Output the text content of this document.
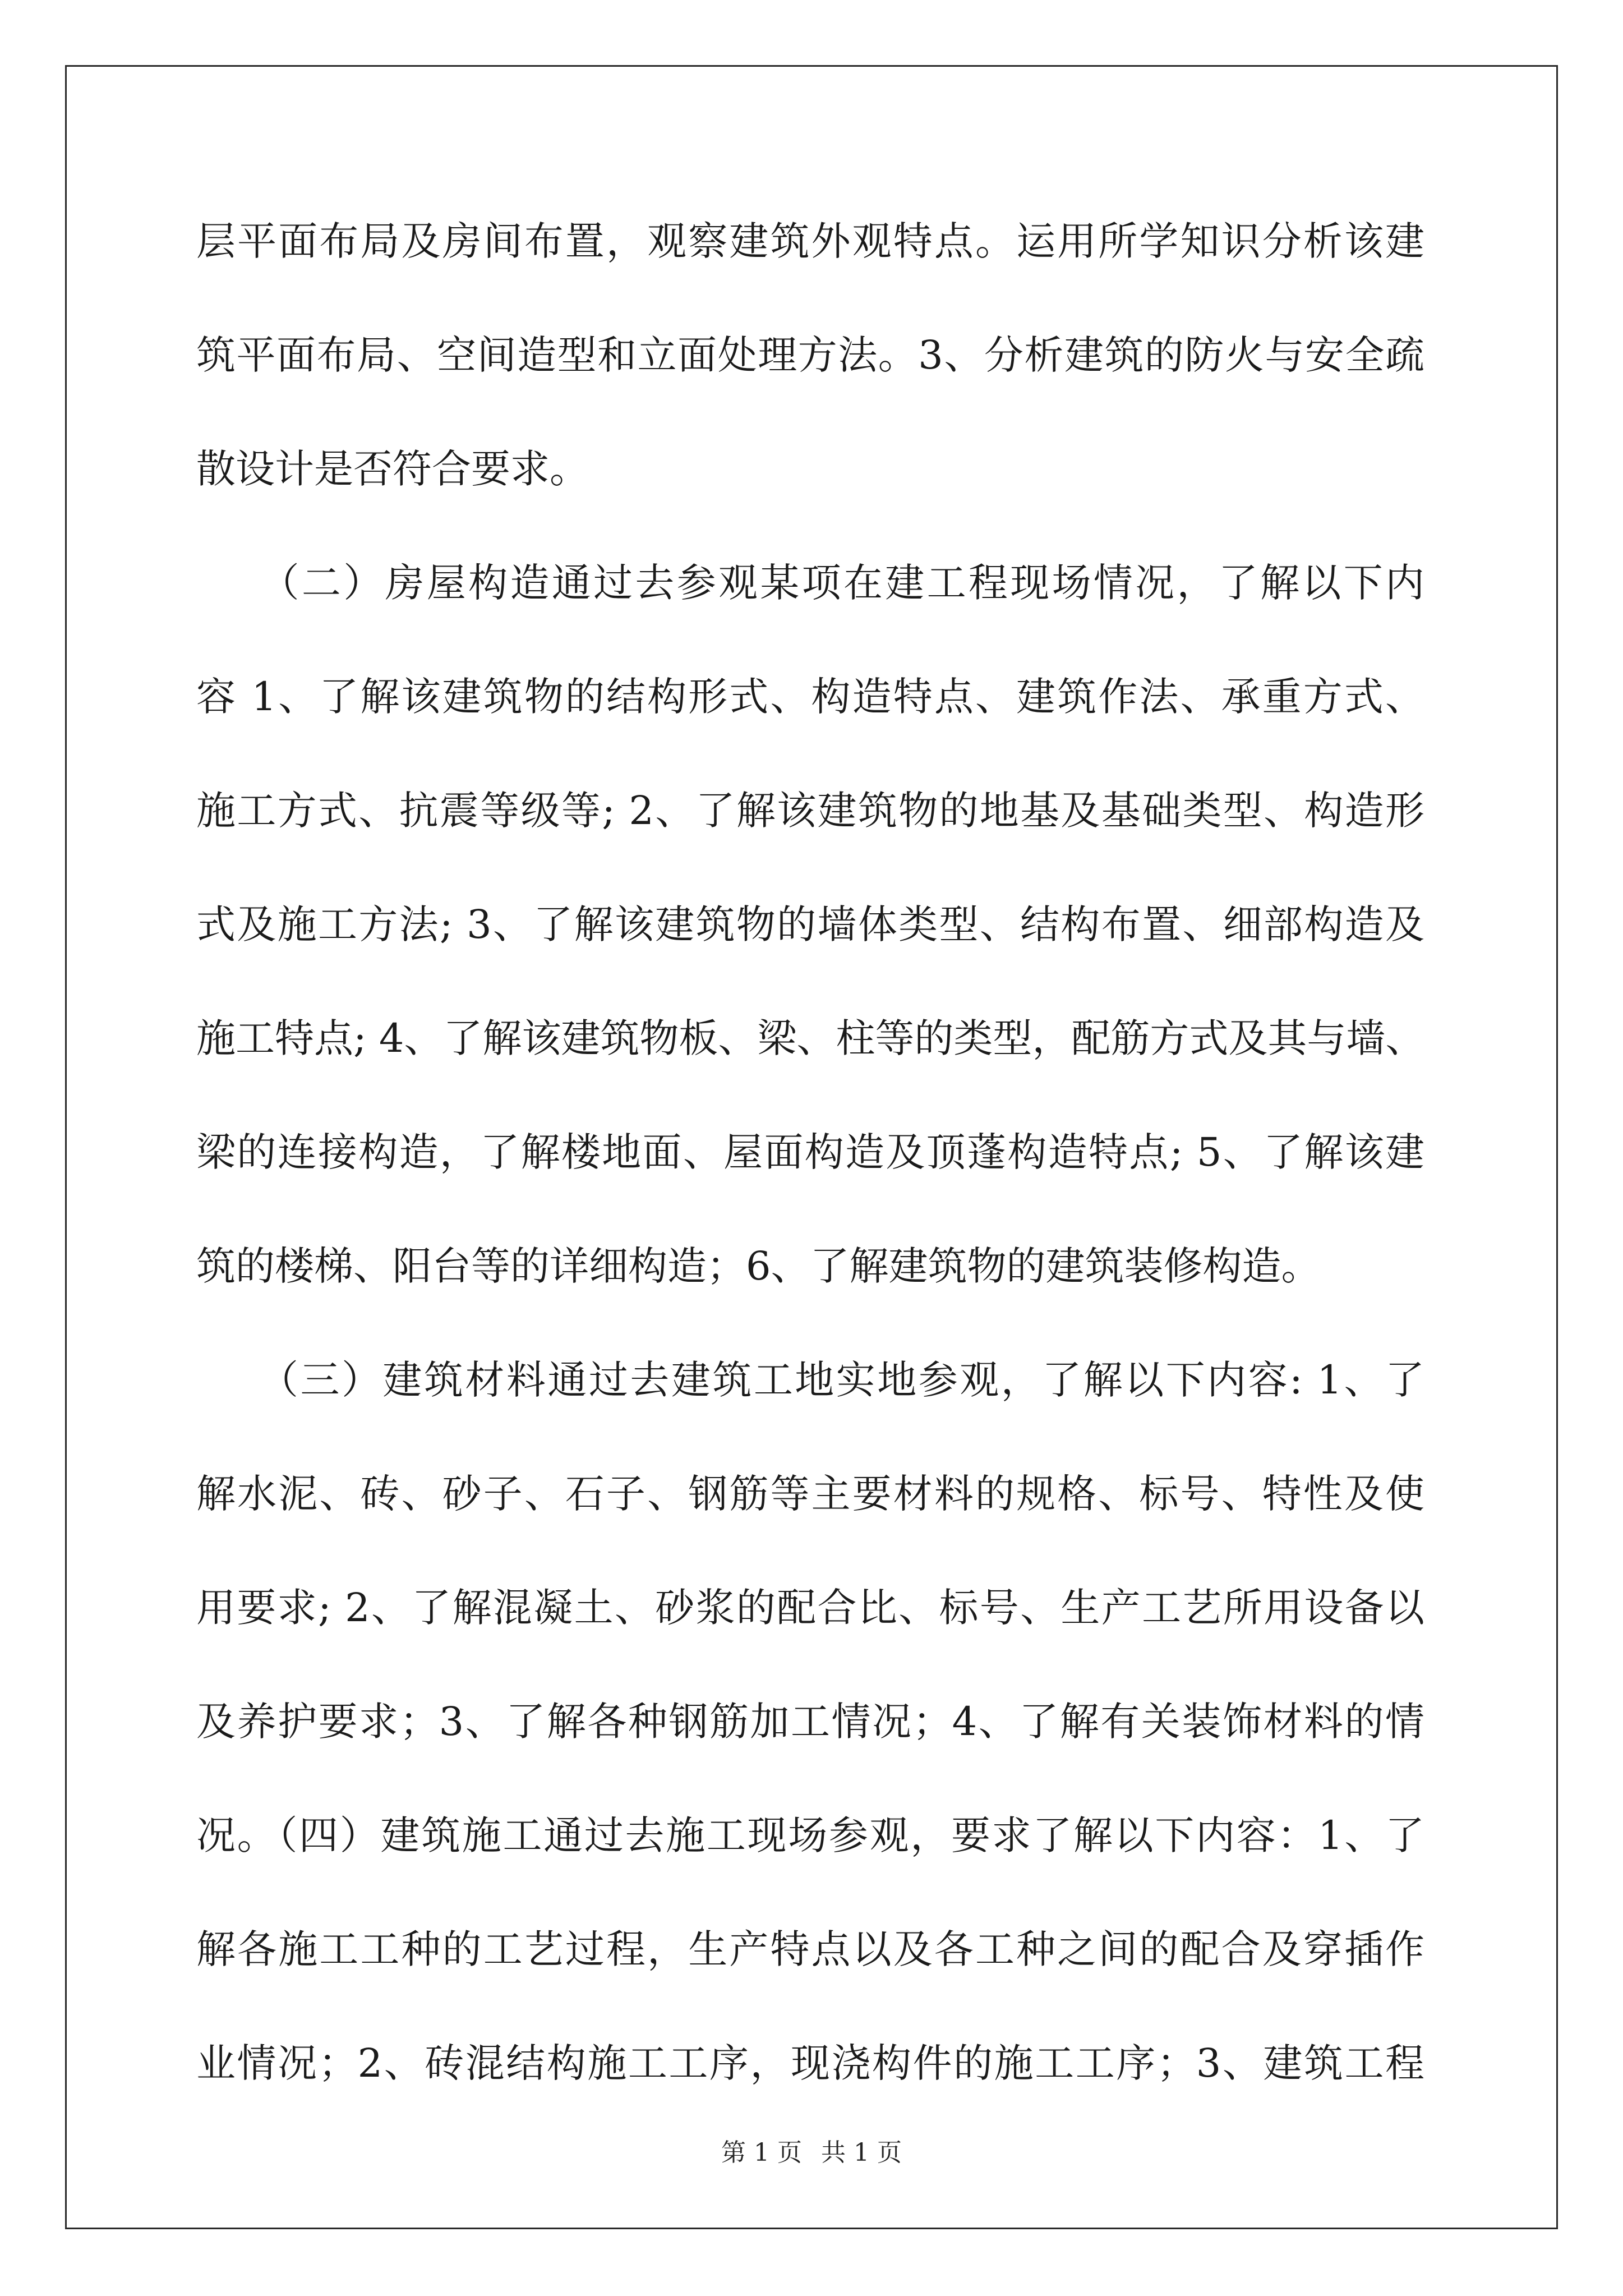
层平面布局及房间布置，观察建筑外观特点。运用所学知识分析该建
筑平面布局、空间造型和立面处理方法。3、分析建筑的防火与安全疏
散设计是否符合要求。
　　（二）房屋构造通过去参观某项在建工程现场情况，了解以下内
容 1、了解该建筑物的结构形式、构造特点、建筑作法、承重方式、
施工方式、抗震等级等; 2、了解该建筑物的地基及基础类型、构造形
式及施工方法; 3、了解该建筑物的墙体类型、结构布置、细部构造及
施工特点; 4、了解该建筑物板、梁、柱等的类型，配筋方式及其与墙、
梁的连接构造，了解楼地面、屋面构造及顶蓬构造特点; 5、了解该建
筑的楼梯、阳台等的详细构造；6、了解建筑物的建筑装修构造。
　　（三）建筑材料通过去建筑工地实地参观，了解以下内容: 1、了
解水泥、砖、砂子、石子、钢筋等主要材料的规格、标号、特性及使
用要求; 2、了解混凝土、砂浆的配合比、标号、生产工艺所用设备以
及养护要求；3、了解各种钢筋加工情况；4、了解有关装饰材料的情
况。（四）建筑施工通过去施工现场参观，要求了解以下内容：1、了
解各施工工种的工艺过程，生产特点以及各工种之间的配合及穿插作
业情况；2、砖混结构施工工序，现浇构件的施工工序；3、建筑工程
第 1 页 共 1 页
